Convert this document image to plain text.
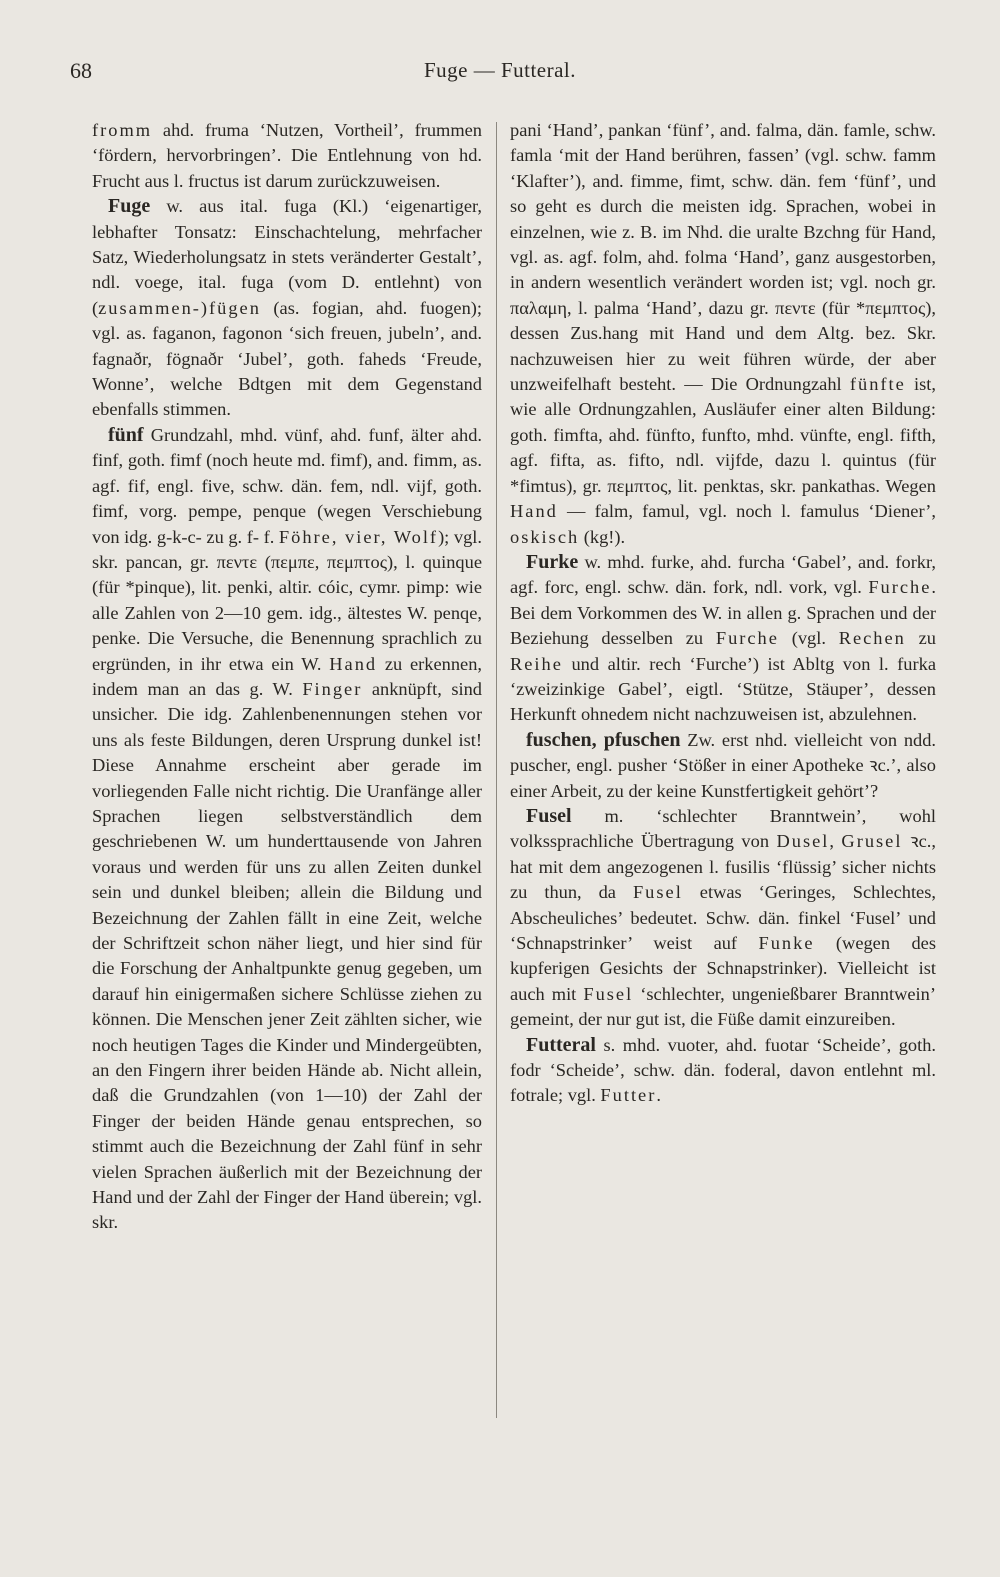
68	Fuge — Futteral.

fromm ahd. fruma ‘Nutzen, Vortheil’, frummen ‘fördern, hervorbringen’. Die Entlehnung von hd. Frucht aus l. fructus ist darum zurückzuweisen.

Fuge w. aus ital. fuga (Kl.) ‘eigenartiger, lebhafter Tonsatz: Einschachtelung, mehrfacher Satz, Wiederholungsatz in stets veränderter Gestalt’, ndl. voege, ital. fuga (vom D. entlehnt) von (zusammen-)fügen (as. fogian, ahd. fuogen); vgl. as. faganon, fagonon ‘sich freuen, jubeln’, and. fagnaðr, fögnaðr ‘Jubel’, goth. faheds ‘Freude, Wonne’, welche Bdtgen mit dem Gegenstand ebenfalls stimmen.

fünf Grundzahl, mhd. vünf, ahd. funf, älter ahd. finf, goth. fimf (noch heute md. fimf), and. fimm, as. agf. fif, engl. five, schw. dän. fem, ndl. vijf, goth. fimf, vorg. pempe, penque (wegen Verschiebung von idg. g-k-c- zu g. f- f. Föhre, vier, Wolf); vgl. skr. pancan, gr. πεντε (πεμπε, πεμπτος), l. quinque (für *pinque), lit. penki, altir. cóic, cymr. pimp: wie alle Zahlen von 2—10 gem. idg., ältestes W. penqe, penke. Die Versuche, die Benennung sprachlich zu ergründen, in ihr etwa ein W. Hand zu erkennen, indem man an das g. W. Finger anknüpft, sind unsicher. Die idg. Zahlenbenennungen stehen vor uns als feste Bildungen, deren Ursprung dunkel ist! Diese Annahme erscheint aber gerade im vorliegenden Falle nicht richtig. Die Uranfänge aller Sprachen liegen selbstverständlich dem geschriebenen W. um hunderttausende von Jahren voraus und werden für uns zu allen Zeiten dunkel sein und dunkel bleiben; allein die Bildung und Bezeichnung der Zahlen fällt in eine Zeit, welche der Schriftzeit schon näher liegt, und hier sind für die Forschung der Anhaltpunkte genug gegeben, um darauf hin einigermaßen sichere Schlüsse ziehen zu können. Die Menschen jener Zeit zählten sicher, wie noch heutigen Tages die Kinder und Mindergeübten, an den Fingern ihrer beiden Hände ab. Nicht allein, daß die Grundzahlen (von 1—10) der Zahl der Finger der beiden Hände genau entsprechen, so stimmt auch die Bezeichnung der Zahl fünf in sehr vielen Sprachen äußerlich mit der Bezeichnung der Hand und der Zahl der Finger der Hand überein; vgl. skr.

pani ‘Hand’, pankan ‘fünf’, and. falma, dän. famle, schw. famla ‘mit der Hand berühren, fassen’ (vgl. schw. famm ‘Klafter’), and. fimme, fimt, schw. dän. fem ‘fünf’, und so geht es durch die meisten idg. Sprachen, wobei in einzelnen, wie z. B. im Nhd. die uralte Bzchng für Hand, vgl. as. agf. folm, ahd. folma ‘Hand’, ganz ausgestorben, in andern wesentlich verändert worden ist; vgl. noch gr. παλαμη, l. palma ‘Hand’, dazu gr. πεντε (für *πεμπτος), dessen Zus.hang mit Hand und dem Altg. bez. Skr. nachzuweisen hier zu weit führen würde, der aber unzweifelhaft besteht. — Die Ordnungzahl fünfte ist, wie alle Ordnungzahlen, Ausläufer einer alten Bildung: goth. fimfta, ahd. fünfto, funfto, mhd. vünfte, engl. fifth, agf. fifta, as. fifto, ndl. vijfde, dazu l. quintus (für *fimtus), gr. πεμπτος, lit. penktas, skr. pankathas. Wegen Hand — falm, famul, vgl. noch l. famulus ‘Diener’, oskisch (kg!).

Furke w. mhd. furke, ahd. furcha ‘Gabel’, and. forkr, agf. forc, engl. schw. dän. fork, ndl. vork, vgl. Furche. Bei dem Vorkommen des W. in allen g. Sprachen und der Beziehung desselben zu Furche (vgl. Rechen zu Reihe und altir. rech ‘Furche’) ist Abltg von l. furka ‘zweizinkige Gabel’, eigtl. ‘Stütze, Stäuper’, dessen Herkunft ohnedem nicht nachzuweisen ist, abzulehnen.

fuschen, pfuschen Zw. erst nhd. vielleicht von ndd. puscher, engl. pusher ‘Stößer in einer Apotheke ꝛc.’, also einer Arbeit, zu der keine Kunstfertigkeit gehört’?

Fusel m. ‘schlechter Branntwein’, wohl volkssprachliche Übertragung von Dusel, Grusel ꝛc., hat mit dem angezogenen l. fusilis ‘flüssig’ sicher nichts zu thun, da Fusel etwas ‘Geringes, Schlechtes, Abscheuliches’ bedeutet. Schw. dän. finkel ‘Fusel’ und ‘Schnapstrinker’ weist auf Funke (wegen des kupferigen Gesichts der Schnapstrinker). Vielleicht ist auch mit Fusel ‘schlechter, ungenießbarer Branntwein’ gemeint, der nur gut ist, die Füße damit einzureiben.

Futteral s. mhd. vuoter, ahd. fuotar ‘Scheide’, goth. fodr ‘Scheide’, schw. dän. foderal, davon entlehnt ml. fotrale; vgl. Futter.
